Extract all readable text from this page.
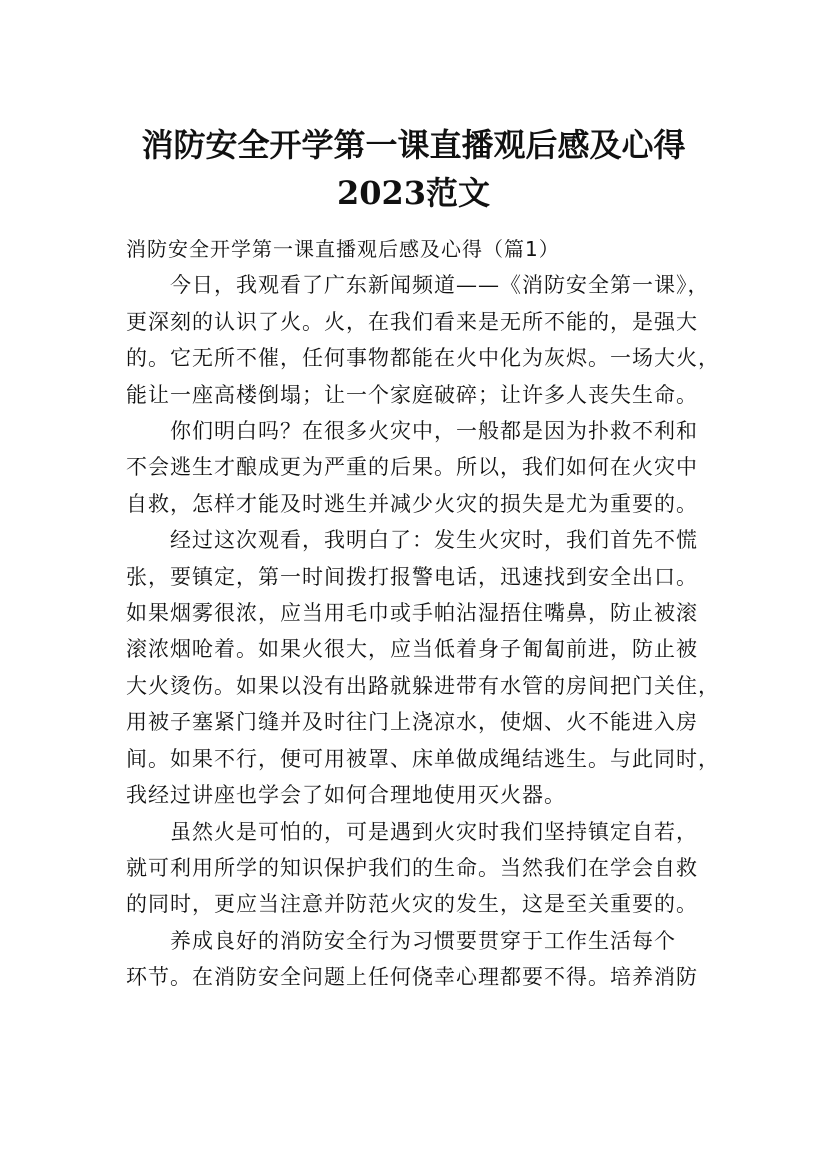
消防安全开学第一课直播观后感及心得
2023范文

消防安全开学第一课直播观后感及心得（篇1）

今日，我观看了广东新闻频道——《消防安全第一课》，
更深刻的认识了火。火，在我们看来是无所不能的，是强大
的。它无所不催，任何事物都能在火中化为灰烬。一场大火，
能让一座高楼倒塌；让一个家庭破碎；让许多人丧失生命。

你们明白吗？在很多火灾中，一般都是因为扑救不利和
不会逃生才酿成更为严重的后果。所以，我们如何在火灾中
自救，怎样才能及时逃生并减少火灾的损失是尤为重要的。

经过这次观看，我明白了：发生火灾时，我们首先不慌
张，要镇定，第一时间拨打报警电话，迅速找到安全出口。
如果烟雾很浓，应当用毛巾或手帕沾湿捂住嘴鼻，防止被滚
滚浓烟呛着。如果火很大，应当低着身子匍匐前进，防止被
大火烫伤。如果以没有出路就躲进带有水管的房间把门关住，
用被子塞紧门缝并及时往门上浇凉水，使烟、火不能进入房
间。如果不行，便可用被罩、床单做成绳结逃生。与此同时，
我经过讲座也学会了如何合理地使用灭火器。

虽然火是可怕的，可是遇到火灾时我们坚持镇定自若，
就可利用所学的知识保护我们的生命。当然我们在学会自救
的同时，更应当注意并防范火灾的发生，这是至关重要的。

养成良好的消防安全行为习惯要贯穿于工作生活每个
环节。在消防安全问题上任何侥幸心理都要不得。培养消防
